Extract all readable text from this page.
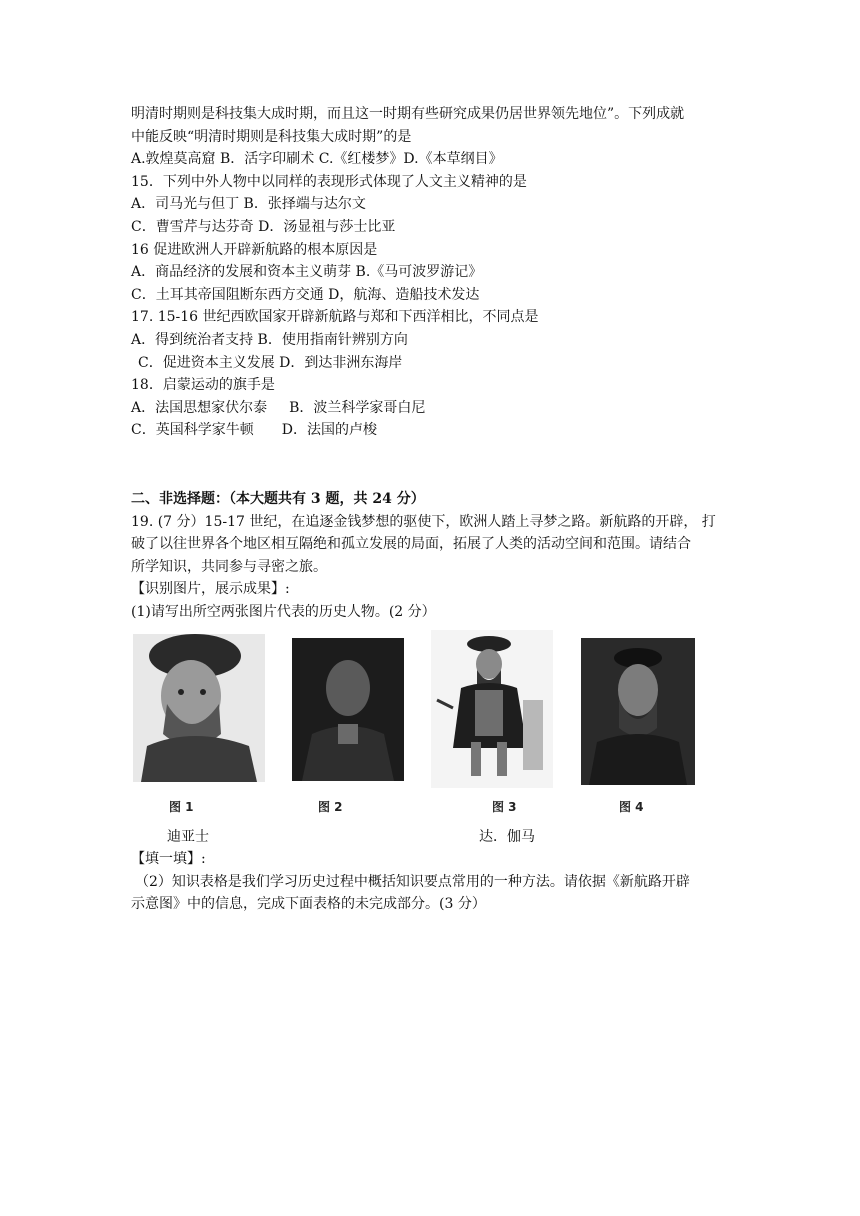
明清时期则是科技集大成时期，而且这一时期有些研究成果仍居世界领先地位”。下列成就
中能反映“明清时期则是科技集大成时期”的是
A.敦煌莫高窟 B．活字印刷术 C.《红楼梦》D.《本草纲目》
15．下列中外人物中以同样的表现形式体现了人文主义精神的是
A．司马光与但丁 B．张择端与达尔文
C．曹雪芹与达芬奇 D．汤显祖与莎士比亚
16 促进欧洲人开辟新航路的根本原因是
A．商品经济的发展和资本主义萌芽 B.《马可波罗游记》
C．土耳其帝国阻断东西方交通 D，航海、造船技术发达
17. 15-16 世纪西欧国家开辟新航路与郑和下西洋相比，不同点是
A．得到统治者支持 B．使用指南针辨别方向
C．促进资本主义发展 D．到达非洲东海岸
18．启蒙运动的旗手是
A．法国思想家伏尔泰 B．波兰科学家哥白尼
C．英国科学家牛顿 D．法国的卢梭
二、非选择题：（本大题共有 3 题，共 24 分）
19. (7 分）15-17 世纪，在追逐金钱梦想的驱使下，欧洲人踏上寻梦之路。新航路的开辟， 打
破了以往世界各个地区相互隔绝和孤立发展的局面，拓展了人类的活动空间和范围。请结合
所学知识，共同参与寻密之旅。
【识别图片，展示成果】:
(1)请写出所空两张图片代表的历史人物。(2 分）
图 1	图 2	图 3	图 4
迪亚士	达．伽马
【填一填】:
（2）知识表格是我们学习历史过程中概括知识要点常用的一种方法。请依据《新航路开辟
示意图》中的信息，完成下面表格的未完成部分。(3 分）
